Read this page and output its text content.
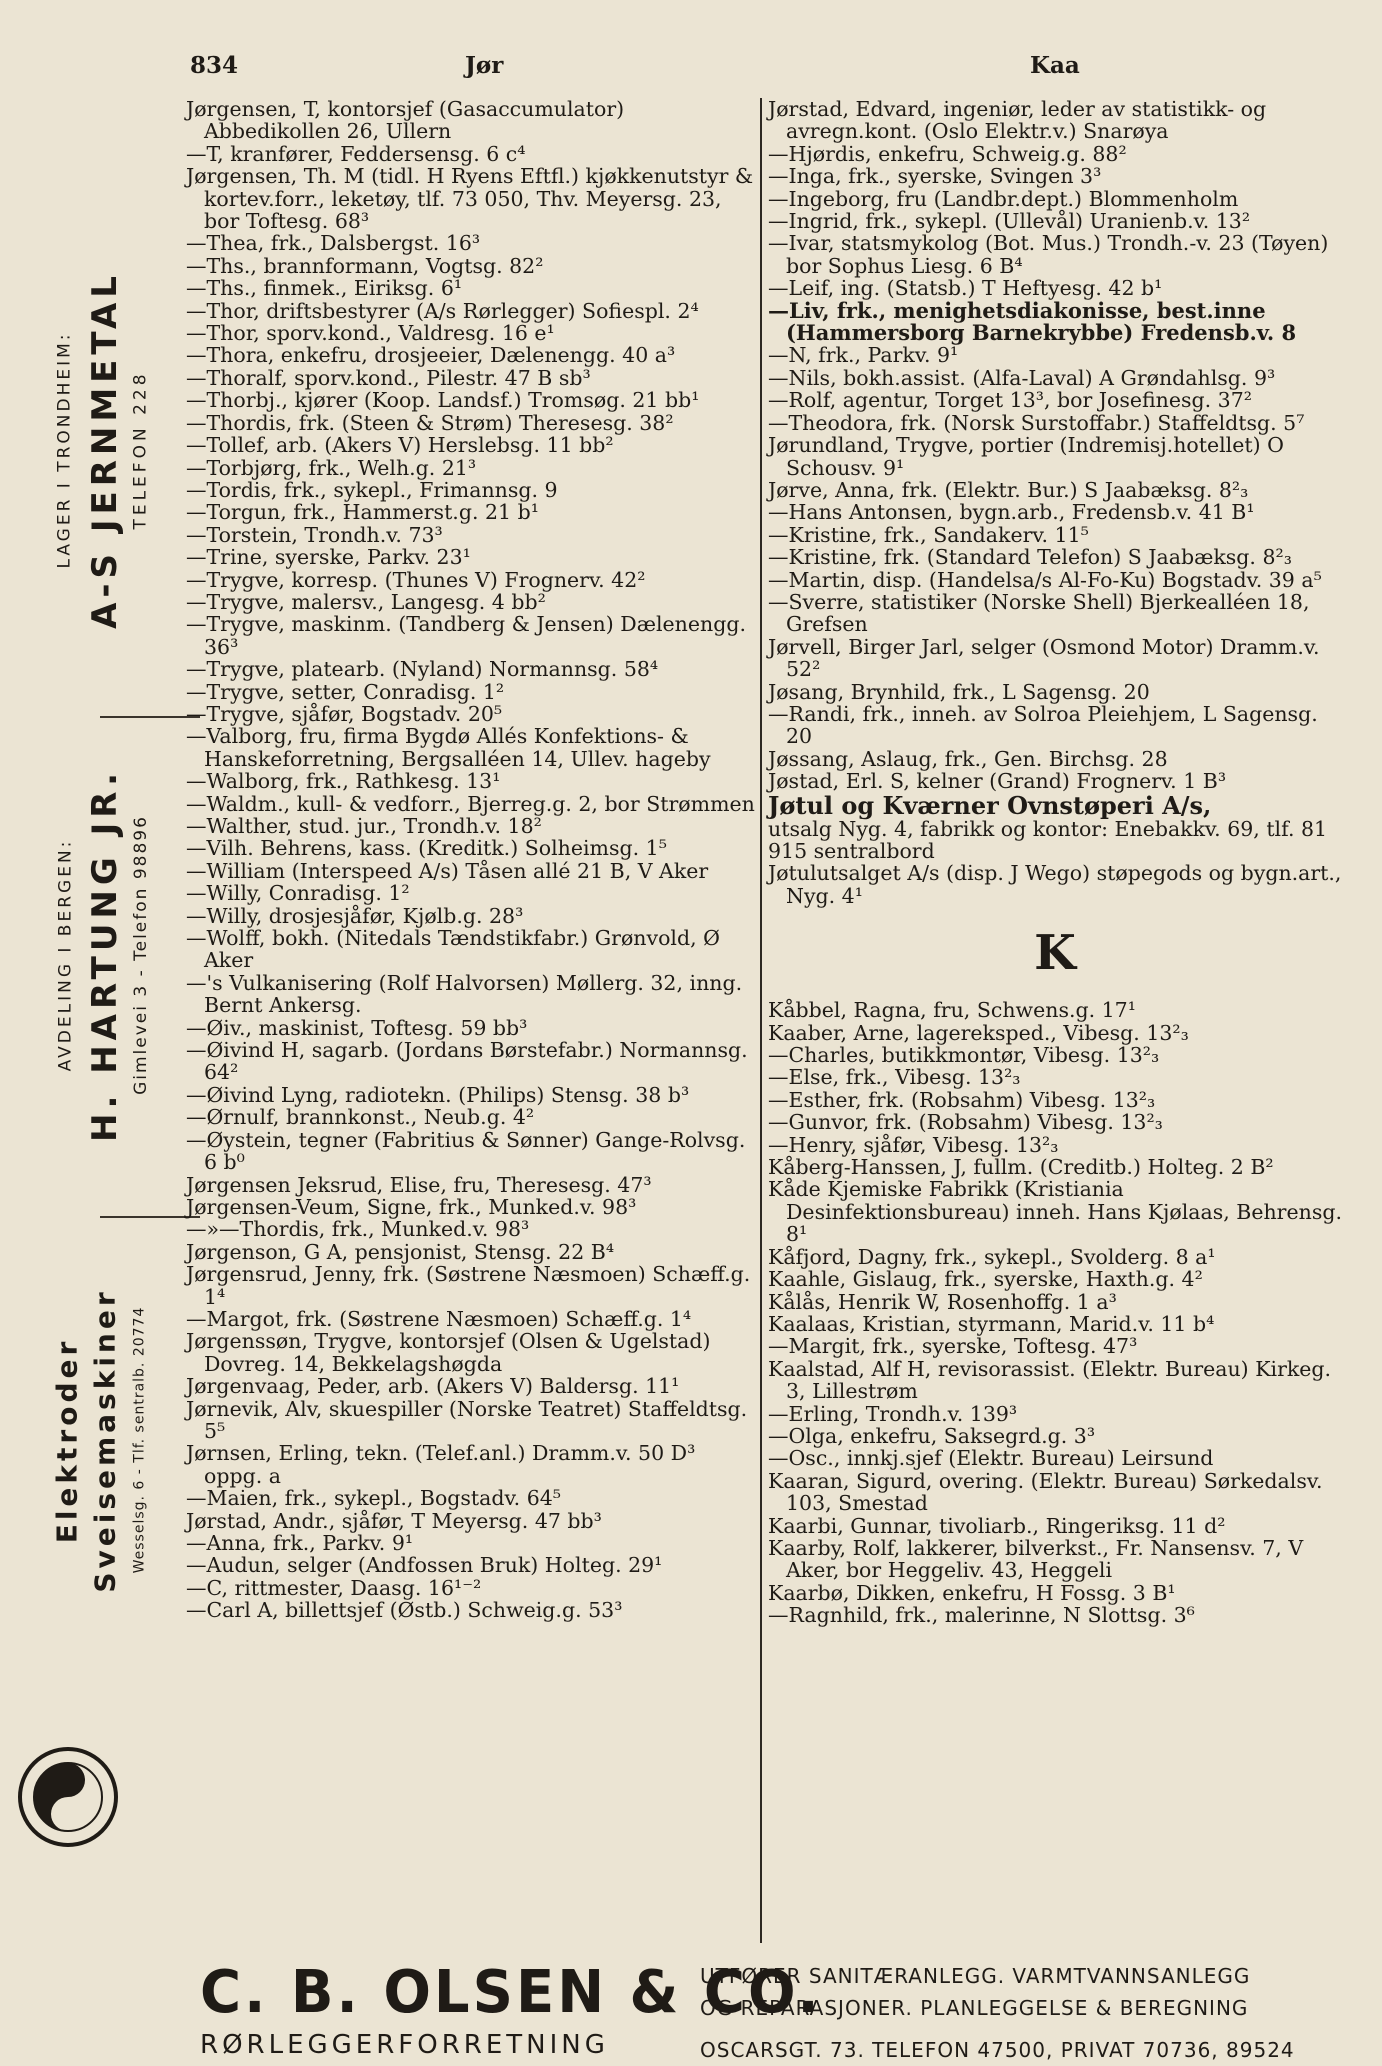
834	Jør	Kaa
LAGER I TRONDHEIM: A-S JERNMETAL TELEFON 228
AVDELING I BERGEN: H. HARTUNG JR. Gimlevei 3 - Telefon 98896
Elektroder Sveisemaskiner Wesselsg. 6 - Tlf. sentralb. 20774
Jørgensen, T, kontorsjef (Gasaccumulator) Abbedikollen 26, Ullern
—T, kranfører, Feddersensg. 6 c⁴
Jørgensen, Th. M (tidl. H Ryens Eftfl.) kjøkkenutstyr & kortev.forr., leketøy, tlf. 73 050, Thv. Meyersg. 23, bor Toftesg. 68³
—Thea, frk., Dalsbergst. 16³
—Ths., brannformann, Vogtsg. 82²
—Ths., finmek., Eiriksg. 6¹
—Thor, driftsbestyrer (A/s Rørlegger) Sofiespl. 2⁴
—Thor, sporv.kond., Valdresg. 16 e¹
—Thora, enkefru, drosjeeier, Dælenengg. 40 a³
—Thoralf, sporv.kond., Pilestr. 47 B sb³
—Thorbj., kjører (Koop. Landsf.) Tromsøg. 21 bb¹
—Thordis, frk. (Steen & Strøm) Theresesg. 38²
—Tollef, arb. (Akers V) Herslebsg. 11 bb²
—Torbjørg, frk., Welh.g. 21³
—Tordis, frk., sykepl., Frimannsg. 9
—Torgun, frk., Hammerst.g. 21 b¹
—Torstein, Trondh.v. 73³
—Trine, syerske, Parkv. 23¹
—Trygve, korresp. (Thunes V) Frognerv. 42²
—Trygve, malersv., Langesg. 4 bb²
—Trygve, maskinm. (Tandberg & Jensen) Dælenengg. 36³
—Trygve, platearb. (Nyland) Normannsg. 58⁴
—Trygve, setter, Conradisg. 1²
—Trygve, sjåfør, Bogstadv. 20⁵
—Valborg, fru, firma Bygdø Allés Konfektions- & Hanskeforretning, Bergsalléen 14, Ullev. hageby
—Walborg, frk., Rathkesg. 13¹
—Waldm., kull- & vedforr., Bjerreg.g. 2, bor Strømmen
—Walther, stud. jur., Trondh.v. 18²
—Vilh. Behrens, kass. (Kreditk.) Solheimsg. 1⁵
—William (Interspeed A/s) Tåsen allé 21 B, V Aker
—Willy, Conradisg. 1²
—Willy, drosjesjåfør, Kjølb.g. 28³
—Wolff, bokh. (Nitedals Tændstikfabr.) Grønvold, Ø Aker
—'s Vulkanisering (Rolf Halvorsen) Møllerg. 32, inng. Bernt Ankersg.
—Øiv., maskinist, Toftesg. 59 bb³
—Øivind H, sagarb. (Jordans Børstefabr.) Normannsg. 64²
—Øivind Lyng, radiotekn. (Philips) Stensg. 38 b³
—Ørnulf, brannkonst., Neub.g. 4²
—Øystein, tegner (Fabritius & Sønner) Gange-Rolvsg. 6 b⁰
Jørgensen Jeksrud, Elise, fru, Theresesg. 47³
Jørgensen-Veum, Signe, frk., Munked.v. 98³
—»—Thordis, frk., Munked.v. 98³
Jørgenson, G A, pensjonist, Stensg. 22 B⁴
Jørgensrud, Jenny, frk. (Søstrene Næsmoen) Schæff.g. 1⁴
—Margot, frk. (Søstrene Næsmoen) Schæff.g. 1⁴
Jørgenssøn, Trygve, kontorsjef (Olsen & Ugelstad) Dovreg. 14, Bekkelagshøgda
Jørgenvaag, Peder, arb. (Akers V) Baldersg. 11¹
Jørnevik, Alv, skuespiller (Norske Teatret) Staffeldtsg. 5⁵
Jørnsen, Erling, tekn. (Telef.anl.) Dramm.v. 50 D³ oppg. a
—Maien, frk., sykepl., Bogstadv. 64⁵
Jørstad, Andr., sjåfør, T Meyersg. 47 bb³
—Anna, frk., Parkv. 9¹
—Audun, selger (Andfossen Bruk) Holteg. 29¹
—C, rittmester, Daasg. 16¹⁻²
—Carl A, billettsjef (Østb.) Schweig.g. 53³
Jørstad, Edvard, ingeniør, leder av statistikk- og avregn.kont. (Oslo Elektr.v.) Snarøya
—Hjørdis, enkefru, Schweig.g. 88²
—Inga, frk., syerske, Svingen 3³
—Ingeborg, fru (Landbr.dept.) Blommenholm
—Ingrid, frk., sykepl. (Ullevål) Uranienb.v. 13²
—Ivar, statsmykolog (Bot. Mus.) Trondh.-v. 23 (Tøyen) bor Sophus Liesg. 6 B⁴
—Leif, ing. (Statsb.) T Heftyesg. 42 b¹
—Liv, frk., menighetsdiakonisse, best.inne (Hammersborg Barnekrybbe) Fredensb.v. 8
—N, frk., Parkv. 9¹
—Nils, bokh.assist. (Alfa-Laval) A Grøndahlsg. 9³
—Rolf, agentur, Torget 13³, bor Josefinesg. 37²
—Theodora, frk. (Norsk Surstoffabr.) Staffeldtsg. 5⁷
Jørundland, Trygve, portier (Indremisj.hotellet) O Schousv. 9¹
Jørve, Anna, frk. (Elektr. Bur.) S Jaabæksg. 8²₃
—Hans Antonsen, bygn.arb., Fredensb.v. 41 B¹
—Kristine, frk., Sandakerv. 11⁵
—Kristine, frk. (Standard Telefon) S Jaabæksg. 8²₃
—Martin, disp. (Handelsa/s Al-Fo-Ku) Bogstadv. 39 a⁵
—Sverre, statistiker (Norske Shell) Bjerkealléen 18, Grefsen
Jørvell, Birger Jarl, selger (Osmond Motor) Dramm.v. 52²
Jøsang, Brynhild, frk., L Sagensg. 20
—Randi, frk., inneh. av Solroa Pleiehjem, L Sagensg. 20
Jøssang, Aslaug, frk., Gen. Birchsg. 28
Jøstad, Erl. S, kelner (Grand) Frognerv. 1 B³
Jøtul og Kværner Ovnstøperi A/s,
utsalg Nyg. 4, fabrikk og kontor: Enebakkv. 69, tlf. 81 915 sentralbord
Jøtulutsalget A/s (disp. J Wego) støpegods og bygn.art., Nyg. 4¹
K
Kåbbel, Ragna, fru, Schwens.g. 17¹
Kaaber, Arne, lagereksped., Vibesg. 13²₃
—Charles, butikkmontør, Vibesg. 13²₃
—Else, frk., Vibesg. 13²₃
—Esther, frk. (Robsahm) Vibesg. 13²₃
—Gunvor, frk. (Robsahm) Vibesg. 13²₃
—Henry, sjåfør, Vibesg. 13²₃
Kåberg-Hanssen, J, fullm. (Creditb.) Holteg. 2 B²
Kåde Kjemiske Fabrikk (Kristiania Desinfektionsbureau) inneh. Hans Kjølaas, Behrensg. 8¹
Kåfjord, Dagny, frk., sykepl., Svolderg. 8 a¹
Kaahle, Gislaug, frk., syerske, Haxth.g. 4²
Kålås, Henrik W, Rosenhoffg. 1 a³
Kaalaas, Kristian, styrmann, Marid.v. 11 b⁴
—Margit, frk., syerske, Toftesg. 47³
Kaalstad, Alf H, revisorassist. (Elektr. Bureau) Kirkeg. 3, Lillestrøm
—Erling, Trondh.v. 139³
—Olga, enkefru, Saksegrd.g. 3³
—Osc., innkj.sjef (Elektr. Bureau) Leirsund
Kaaran, Sigurd, overing. (Elektr. Bureau) Sørkedalsv. 103, Smestad
Kaarbi, Gunnar, tivoliarb., Ringeriksg. 11 d²
Kaarby, Rolf, lakkerer, bilverkst., Fr. Nansensv. 7, V Aker, bor Heggeliv. 43, Heggeli
Kaarbø, Dikken, enkefru, H Fossg. 3 B¹
—Ragnhild, frk., malerinne, N Slottsg. 3⁶
C. B. OLSEN & CO.
RØRLEGGERFORRETNING
UTFØRER SANITÆRANLEGG. VARMTVANNSANLEGG
OG REPARASJONER. PLANLEGGELSE & BEREGNING
OSCARSGT. 73. TELEFON 47500, PRIVAT 70736, 89524
